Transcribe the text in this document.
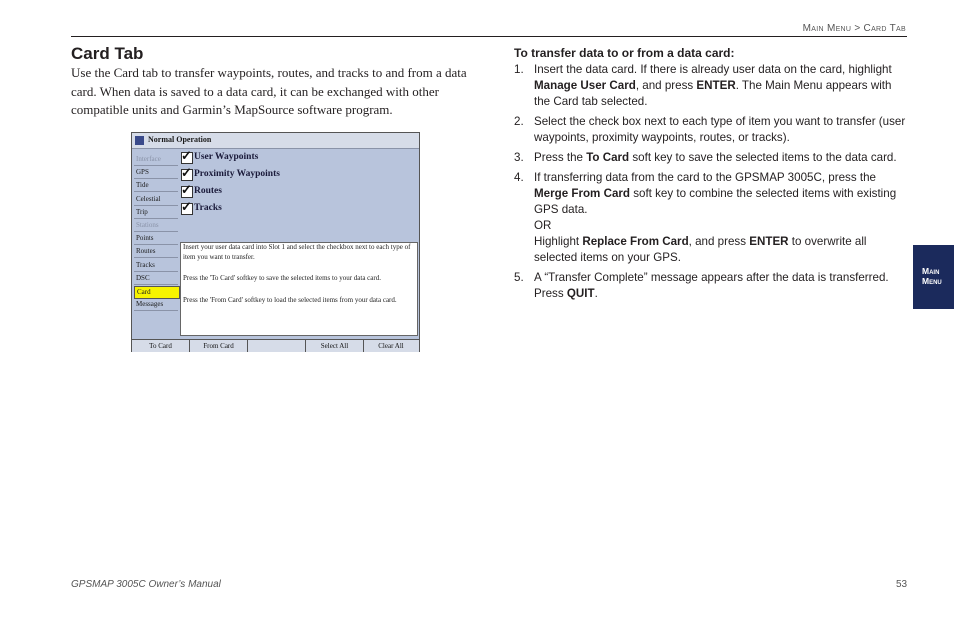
Main Menu > Card Tab
Card Tab

Use the Card tab to transfer waypoints, routes, and tracks to and from a data card. When data is saved to a data card, it can be exchanged with other compatible units and Garmin’s MapSource software program.

Normal Operation
Interface
GPS
Tide
Celestial
Trip
Stations
Points
Routes
Tracks
DSC
Card
Messages
✓ User Waypoints
✓ Proximity Waypoints
✓ Routes
✓ Tracks

Insert your user data card into Slot 1 and select the checkbox next to each type of item you want to transfer.

Press the 'To Card' softkey to save the selected items to your data card.

Press the 'From Card' softkey to load the selected items from your data card.

To Card	From Card	Select All	Clear All

To transfer data to or from a data card:

1. Insert the data card. If there is already user data on the card, highlight Manage User Card, and press ENTER. The Main Menu appears with the Card tab selected.
2. Select the check box next to each type of item you want to transfer (user waypoints, proximity waypoints, routes, or tracks).
3. Press the To Card soft key to save the selected items to the data card.
4. If transferring data from the card to the GPSMAP 3005C, press the Merge From Card soft key to combine the selected items with existing GPS data.
OR
Highlight Replace From Card, and press ENTER to overwrite all selected items on your GPS.
5. A “Transfer Complete” message appears after the data is transferred. Press QUIT.
Main
Menu
GPSMAP 3005C Owner’s Manual	53
